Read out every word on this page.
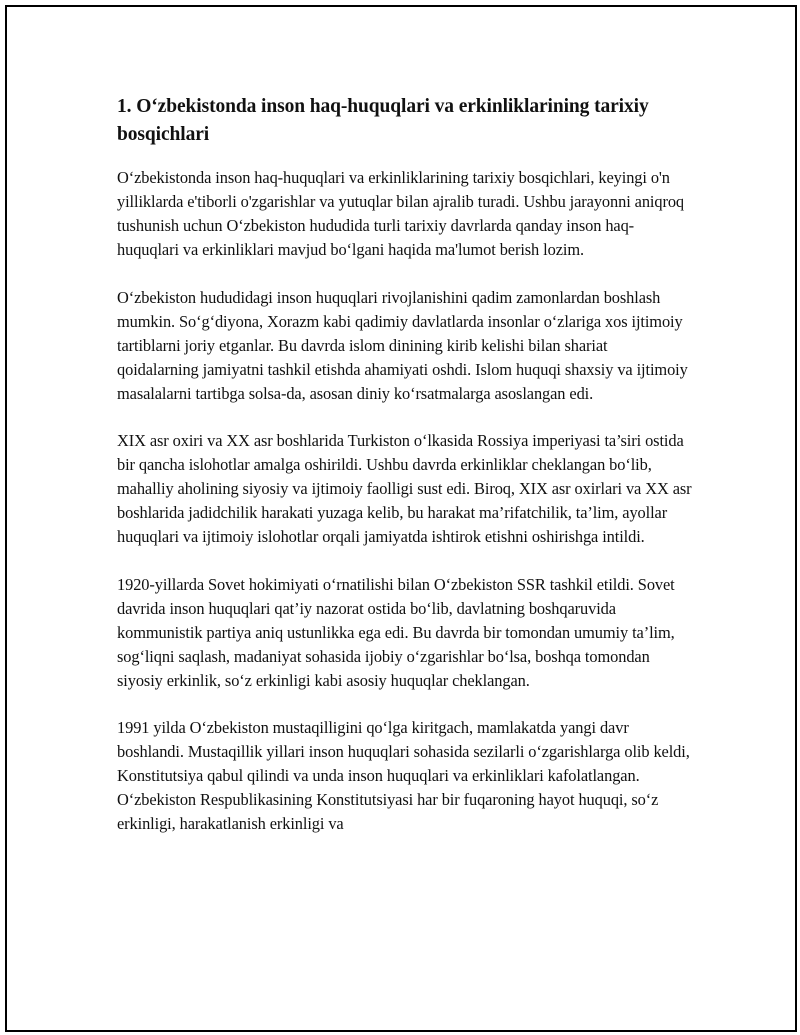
1. O‘zbekistonda inson haq-huquqlari va erkinliklarining tarixiy bosqichlari

O‘zbekistonda inson haq-huquqlari va erkinliklarining tarixiy bosqichlari, keyingi o'n yilliklarda e'tiborli o'zgarishlar va yutuqlar bilan ajralib turadi. Ushbu jarayonni aniqroq tushunish uchun O‘zbekiston hududida turli tarixiy davrlarda qanday inson haq-huquqlari va erkinliklari mavjud bo‘lgani haqida ma'lumot berish lozim.

O‘zbekiston hududidagi inson huquqlari rivojlanishini qadim zamonlardan boshlash mumkin. So‘g‘diyona, Xorazm kabi qadimiy davlatlarda insonlar o‘zlariga xos ijtimoiy tartiblarni joriy etganlar. Bu davrda islom dinining kirib kelishi bilan shariat qoidalarning jamiyatni tashkil etishda ahamiyati oshdi. Islom huquqi shaxsiy va ijtimoiy masalalarni tartibga solsa-da, asosan diniy ko‘rsatmalarga asoslangan edi.

XIX asr oxiri va XX asr boshlarida Turkiston o‘lkasida Rossiya imperiyasi ta’siri ostida bir qancha islohotlar amalga oshirildi. Ushbu davrda erkinliklar cheklangan bo‘lib, mahalliy aholining siyosiy va ijtimoiy faolligi sust edi. Biroq, XIX asr oxirlari va XX asr boshlarida jadidchilik harakati yuzaga kelib, bu harakat ma’rifatchilik, ta’lim, ayollar huquqlari va ijtimoiy islohotlar orqali jamiyatda ishtirok etishni oshirishga intildi.

1920-yillarda Sovet hokimiyati o‘rnatilishi bilan O‘zbekiston SSR tashkil etildi. Sovet davrida inson huquqlari qat’iy nazorat ostida bo‘lib, davlatning boshqaruvida kommunistik partiya aniq ustunlikka ega edi. Bu davrda bir tomondan umumiy ta’lim, sog‘liqni saqlash, madaniyat sohasida ijobiy o‘zgarishlar bo‘lsa, boshqa tomondan siyosiy erkinlik, so‘z erkinligi kabi asosiy huquqlar cheklangan.

1991 yilda O‘zbekiston mustaqilligini qo‘lga kiritgach, mamlakatda yangi davr boshlandi. Mustaqillik yillari inson huquqlari sohasida sezilarli o‘zgarishlarga olib keldi, Konstitutsiya qabul qilindi va unda inson huquqlari va erkinliklari kafolatlangan. O‘zbekiston Respublikasining Konstitutsiyasi har bir fuqaroning hayot huquqi, so‘z erkinligi, harakatlanish erkinligi va
